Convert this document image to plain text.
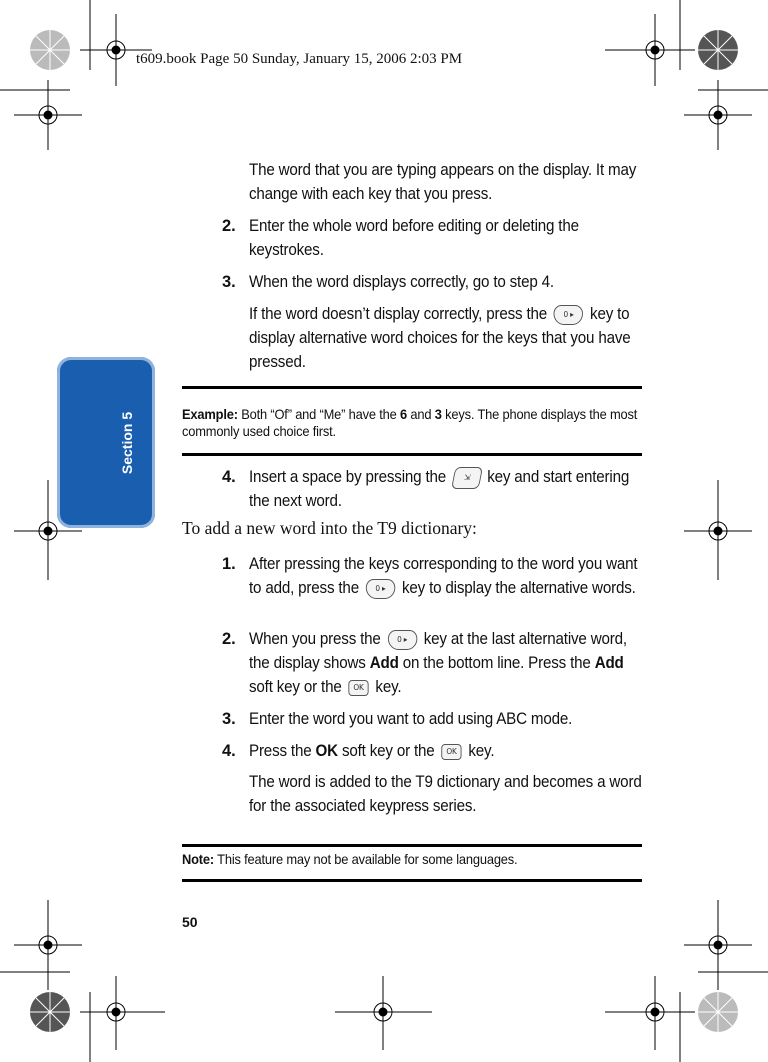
t609.book Page 50 Sunday, January 15, 2006 2:03 PM
Section 5
The word that you are typing appears on the display. It may change with each key that you press.
2. Enter the whole word before editing or deleting the keystrokes.
3. When the word displays correctly, go to step 4.
If the word doesn’t display correctly, press the 0 ▸ key to display alternative word choices for the keys that you have pressed.
Example: Both “Of” and “Me” have the 6 and 3 keys. The phone displays the most commonly used choice first.
4. Insert a space by pressing the ⇲ key and start entering the next word.
To add a new word into the T9 dictionary:
1. After pressing the keys corresponding to the word you want to add, press the 0 ▸ key to display the alternative words.
2. When you press the 0 ▸ key at the last alternative word, the display shows Add on the bottom line. Press the Add soft key or the OK key.
3. Enter the word you want to add using ABC mode.
4. Press the OK soft key or the OK key.
The word is added to the T9 dictionary and becomes a word for the associated keypress series.
Note: This feature may not be available for some languages.
50
